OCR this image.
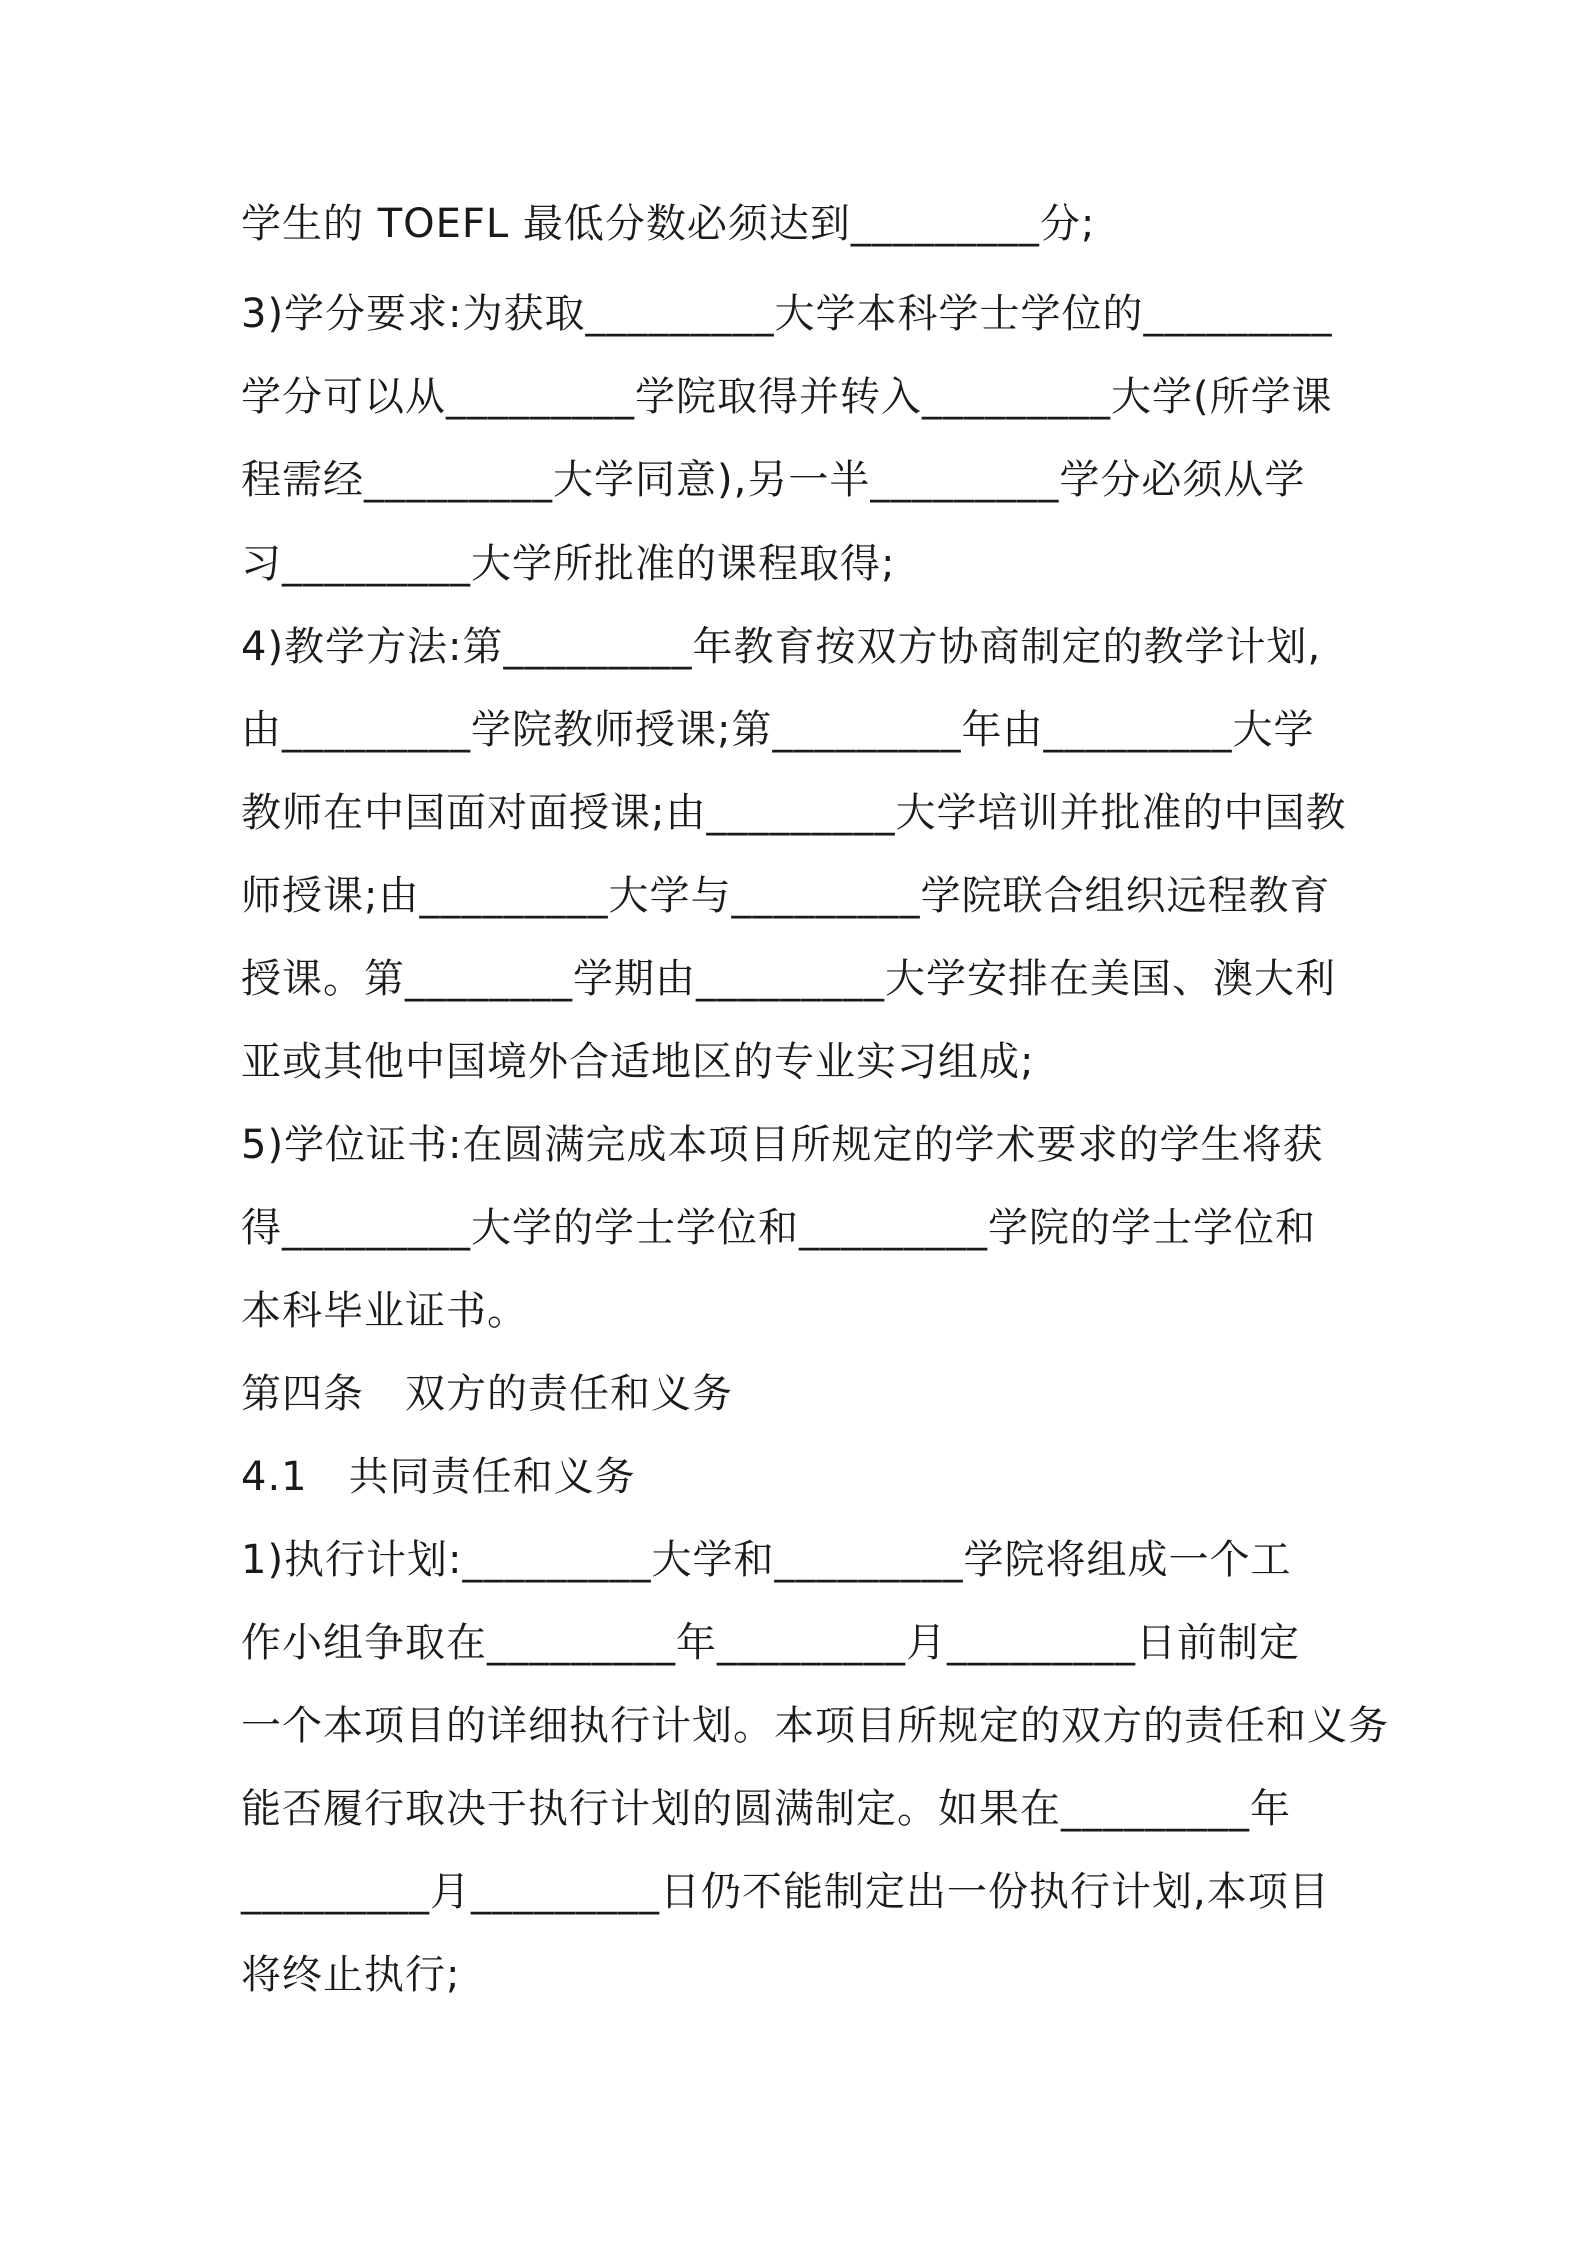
学生的 TOEFL 最低分数必须达到_________分;
3)学分要求:为获取_________大学本科学士学位的_________
学分可以从_________学院取得并转入_________大学(所学课
程需经_________大学同意),另一半_________学分必须从学
习_________大学所批准的课程取得;
4)教学方法:第_________年教育按双方协商制定的教学计划,
由_________学院教师授课;第_________年由_________大学
教师在中国面对面授课;由_________大学培训并批准的中国教
师授课;由_________大学与_________学院联合组织远程教育
授课。第________学期由_________大学安排在美国、澳大利
亚或其他中国境外合适地区的专业实习组成;
5)学位证书:在圆满完成本项目所规定的学术要求的学生将获
得_________大学的学士学位和_________学院的学士学位和
本科毕业证书。
第四条　双方的责任和义务
4.1　共同责任和义务
1)执行计划:_________大学和_________学院将组成一个工
作小组争取在_________年_________月_________日前制定
一个本项目的详细执行计划。本项目所规定的双方的责任和义务
能否履行取决于执行计划的圆满制定。如果在_________年
_________月_________日仍不能制定出一份执行计划,本项目
将终止执行;
